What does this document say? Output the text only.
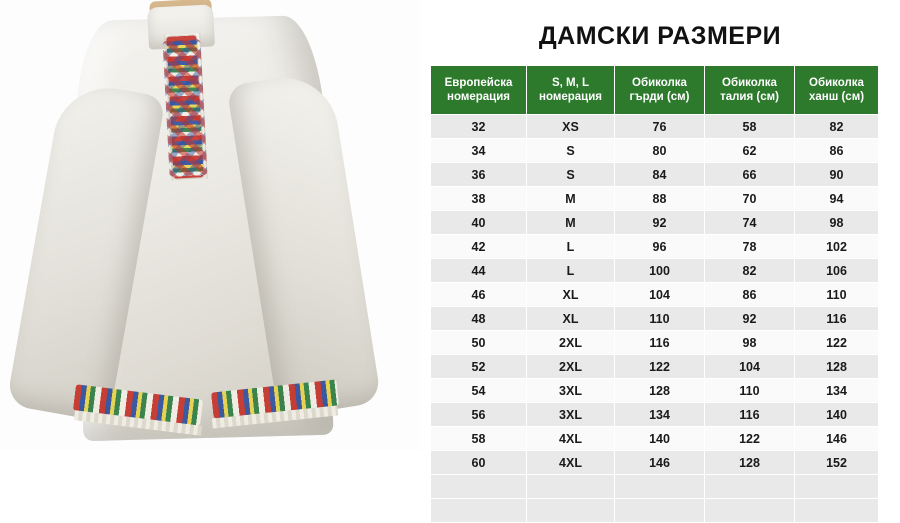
ДАМСКИ РАЗМЕРИ
Европейска номерация	S, M, L номерация	Обиколка гърди (см)	Обиколка талия (см)	Обиколка ханш (см)
32	XS	76	58	82
34	S	80	62	86
36	S	84	66	90
38	M	88	70	94
40	M	92	74	98
42	L	96	78	102
44	L	100	82	106
46	XL	104	86	110
48	XL	110	92	116
50	2XL	116	98	122
52	2XL	122	104	128
54	3XL	128	110	134
56	3XL	134	116	140
58	4XL	140	122	146
60	4XL	146	128	152
